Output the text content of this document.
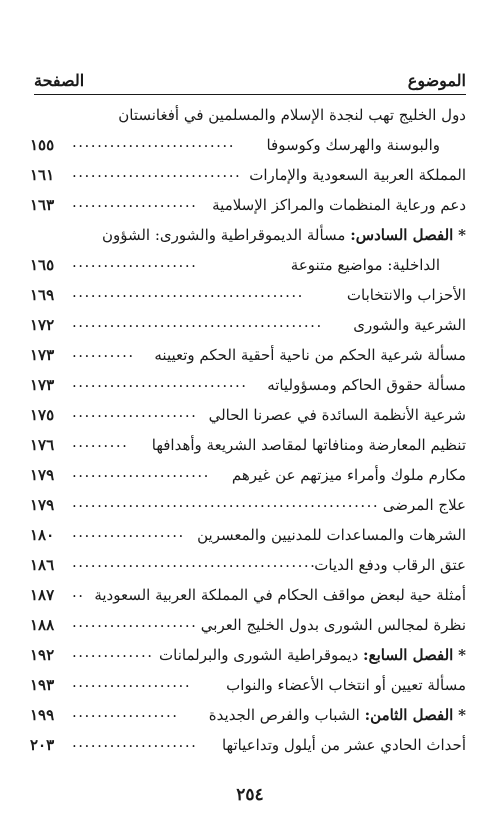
الموضوع
الصفحة
دول الخليج تهب لنجدة الإسلام والمسلمين في أفغانستان
والبوسنة والهرسك وكوسوفا
..........................
١٥٥
المملكة العربية السعودية والإمارات
...........................
١٦١
دعم ورعاية المنظمات والمراكز الإسلامية
....................
١٦٣
* الفصل السادس: مسألة الديموقراطية والشورى: الشؤون
الداخلية: مواضيع متنوعة
....................
١٦٥
الأحزاب والانتخابات
.....................................
١٦٩
الشرعية والشورى
........................................
١٧٢
مسألة شرعية الحكم من ناحية أحقية الحكم وتعيينه
..........
١٧٣
مسألة حقوق الحاكم ومسؤولياته
............................
١٧٣
شرعية الأنظمة السائدة في عصرنا الحالي
....................
١٧٥
تنظيم المعارضة ومنافاتها لمقاصد الشريعة وأهدافها
.........
١٧٦
مكارم ملوك وأمراء ميزتهم عن غيرهم
......................
١٧٩
علاج المرضى
.................................................
١٧٩
الشرهات والمساعدات للمدنيين والمعسرين
..................
١٨٠
عتق الرقاب ودفع الديات
.......................................
١٨٦
أمثلة حية لبعض مواقف الحكام في المملكة العربية السعودية
..
١٨٧
نظرة لمجالس الشورى بدول الخليج العربي
....................
١٨٨
* الفصل السابع: ديموقراطية الشورى والبرلمانات
.............
١٩٢
مسألة تعيين أو انتخاب الأعضاء والنواب
...................
١٩٣
* الفصل الثامن: الشباب والفرص الجديدة
.................
١٩٩
أحداث الحادي عشر من أيلول وتداعياتها
....................
٢٠٣
٢٥٤
